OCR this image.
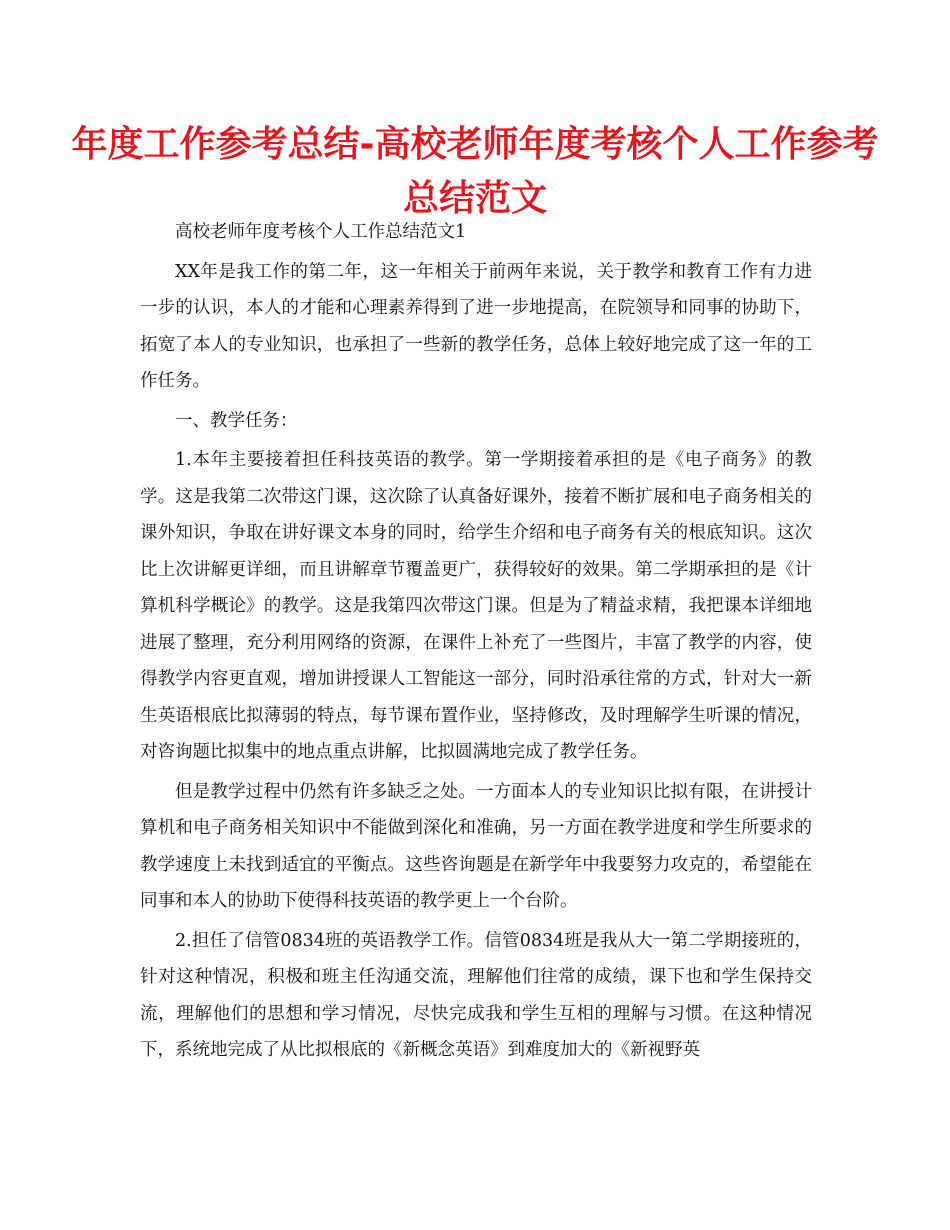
年度工作参考总结-高校老师年度考核个人工作参考总结范文

高校老师年度考核个人工作总结范文1

XX年是我工作的第二年，这一年相关于前两年来说，关于教学和教育工作有力进一步的认识，本人的才能和心理素养得到了进一步地提高，在院领导和同事的协助下，拓宽了本人的专业知识，也承担了一些新的教学任务，总体上较好地完成了这一年的工作任务。

一、教学任务：

1.本年主要接着担任科技英语的教学。第一学期接着承担的是《电子商务》的教学。这是我第二次带这门课，这次除了认真备好课外，接着不断扩展和电子商务相关的课外知识，争取在讲好课文本身的同时，给学生介绍和电子商务有关的根底知识。这次比上次讲解更详细，而且讲解章节覆盖更广，获得较好的效果。第二学期承担的是《计算机科学概论》的教学。这是我第四次带这门课。但是为了精益求精，我把课本详细地进展了整理，充分利用网络的资源，在课件上补充了一些图片，丰富了教学的内容，使得教学内容更直观，增加讲授课人工智能这一部分，同时沿承往常的方式，针对大一新生英语根底比拟薄弱的特点，每节课布置作业，坚持修改，及时理解学生听课的情况，对咨询题比拟集中的地点重点讲解，比拟圆满地完成了教学任务。

但是教学过程中仍然有许多缺乏之处。一方面本人的专业知识比拟有限，在讲授计算机和电子商务相关知识中不能做到深化和准确，另一方面在教学进度和学生所要求的教学速度上未找到适宜的平衡点。这些咨询题是在新学年中我要努力攻克的，希望能在同事和本人的协助下使得科技英语的教学更上一个台阶。

2.担任了信管0834班的英语教学工作。信管0834班是我从大一第二学期接班的，针对这种情况，积极和班主任沟通交流，理解他们往常的成绩，课下也和学生保持交流，理解他们的思想和学习情况，尽快完成我和学生互相的理解与习惯。在这种情况下，系统地完成了从比拟根底的《新概念英语》到难度加大的《新视野英
